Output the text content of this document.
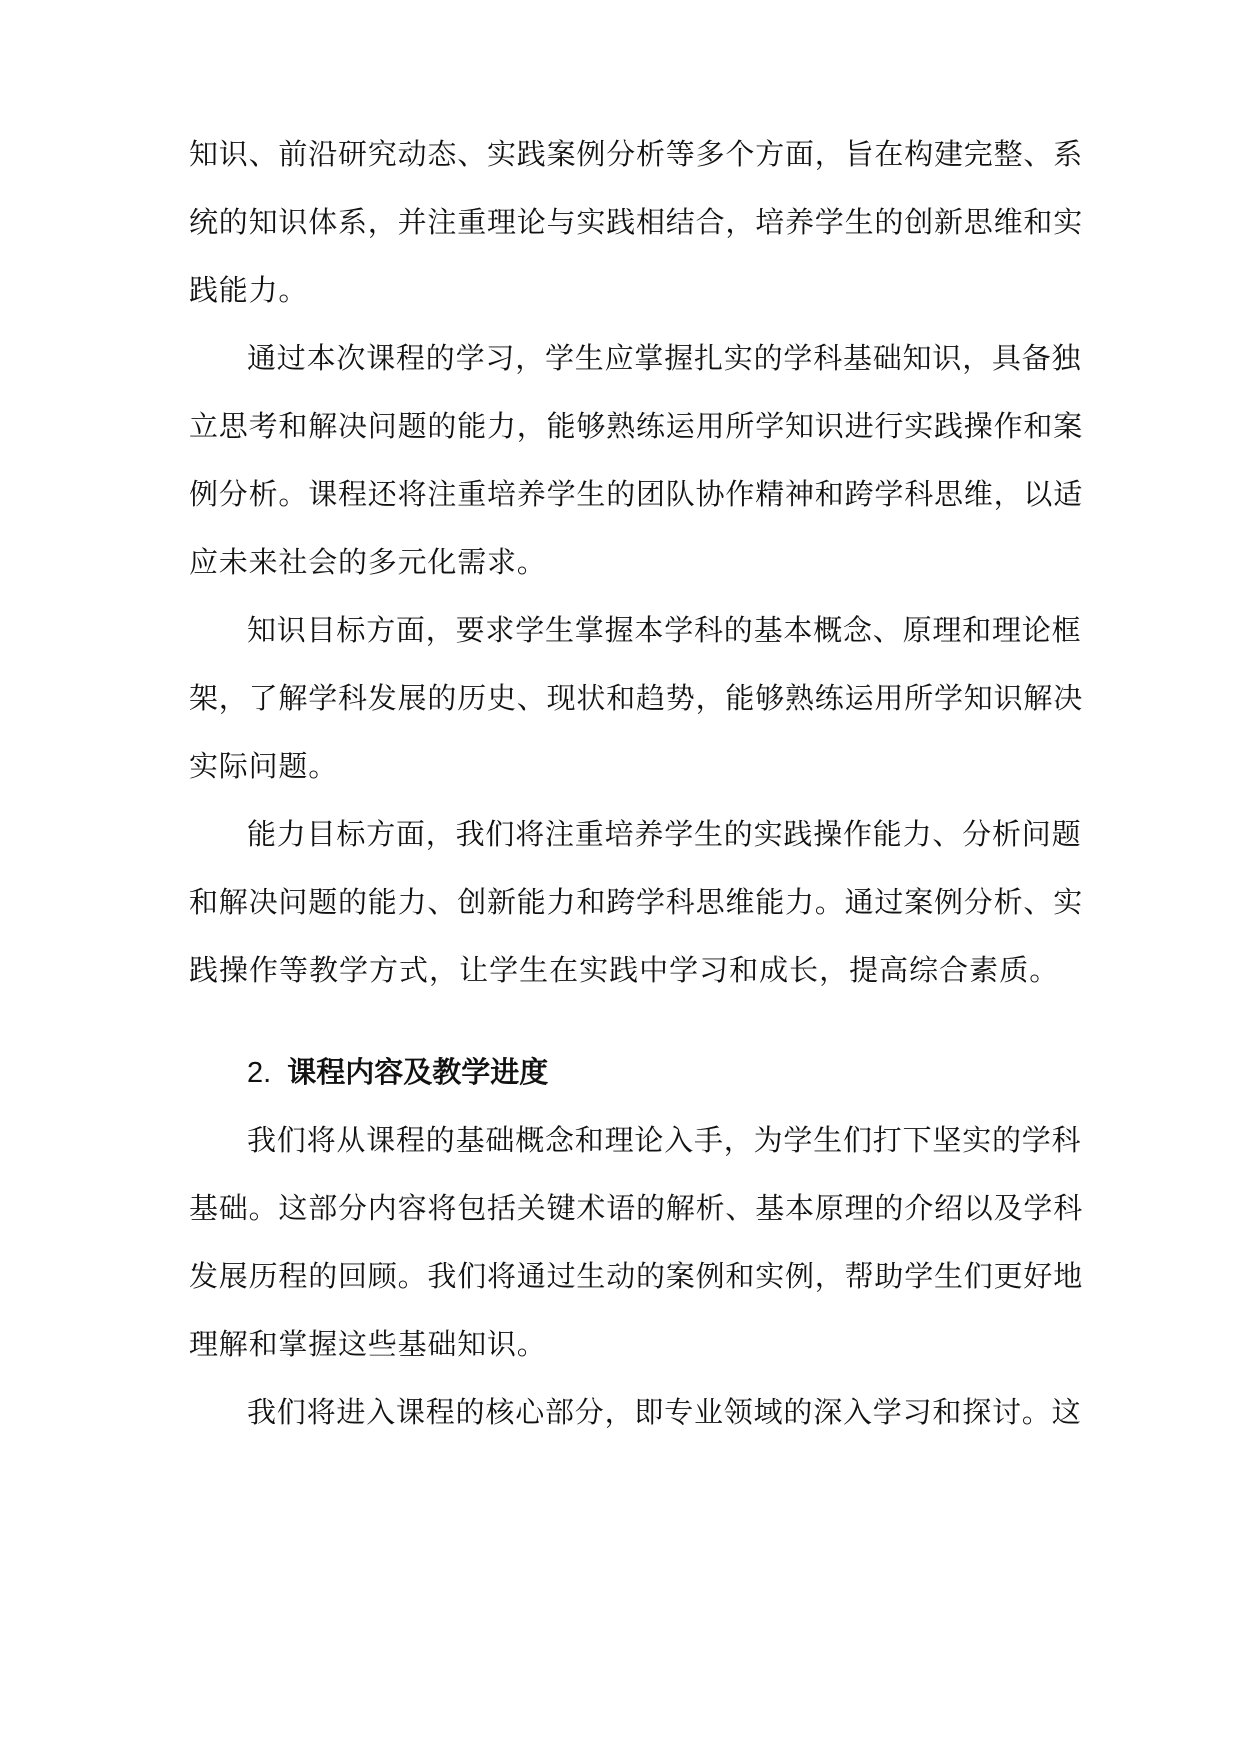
知识、前沿研究动态、实践案例分析等多个方面，旨在构建完整、系
统的知识体系，并注重理论与实践相结合，培养学生的创新思维和实
践能力。
通过本次课程的学习，学生应掌握扎实的学科基础知识，具备独
立思考和解决问题的能力，能够熟练运用所学知识进行实践操作和案
例分析。课程还将注重培养学生的团队协作精神和跨学科思维，以适
应未来社会的多元化需求。
知识目标方面，要求学生掌握本学科的基本概念、原理和理论框
架，了解学科发展的历史、现状和趋势，能够熟练运用所学知识解决
实际问题。
能力目标方面，我们将注重培养学生的实践操作能力、分析问题
和解决问题的能力、创新能力和跨学科思维能力。通过案例分析、实
践操作等教学方式，让学生在实践中学习和成长，提高综合素质。
2. 课程内容及教学进度
我们将从课程的基础概念和理论入手，为学生们打下坚实的学科
基础。这部分内容将包括关键术语的解析、基本原理的介绍以及学科
发展历程的回顾。我们将通过生动的案例和实例，帮助学生们更好地
理解和掌握这些基础知识。
我们将进入课程的核心部分，即专业领域的深入学习和探讨。这
